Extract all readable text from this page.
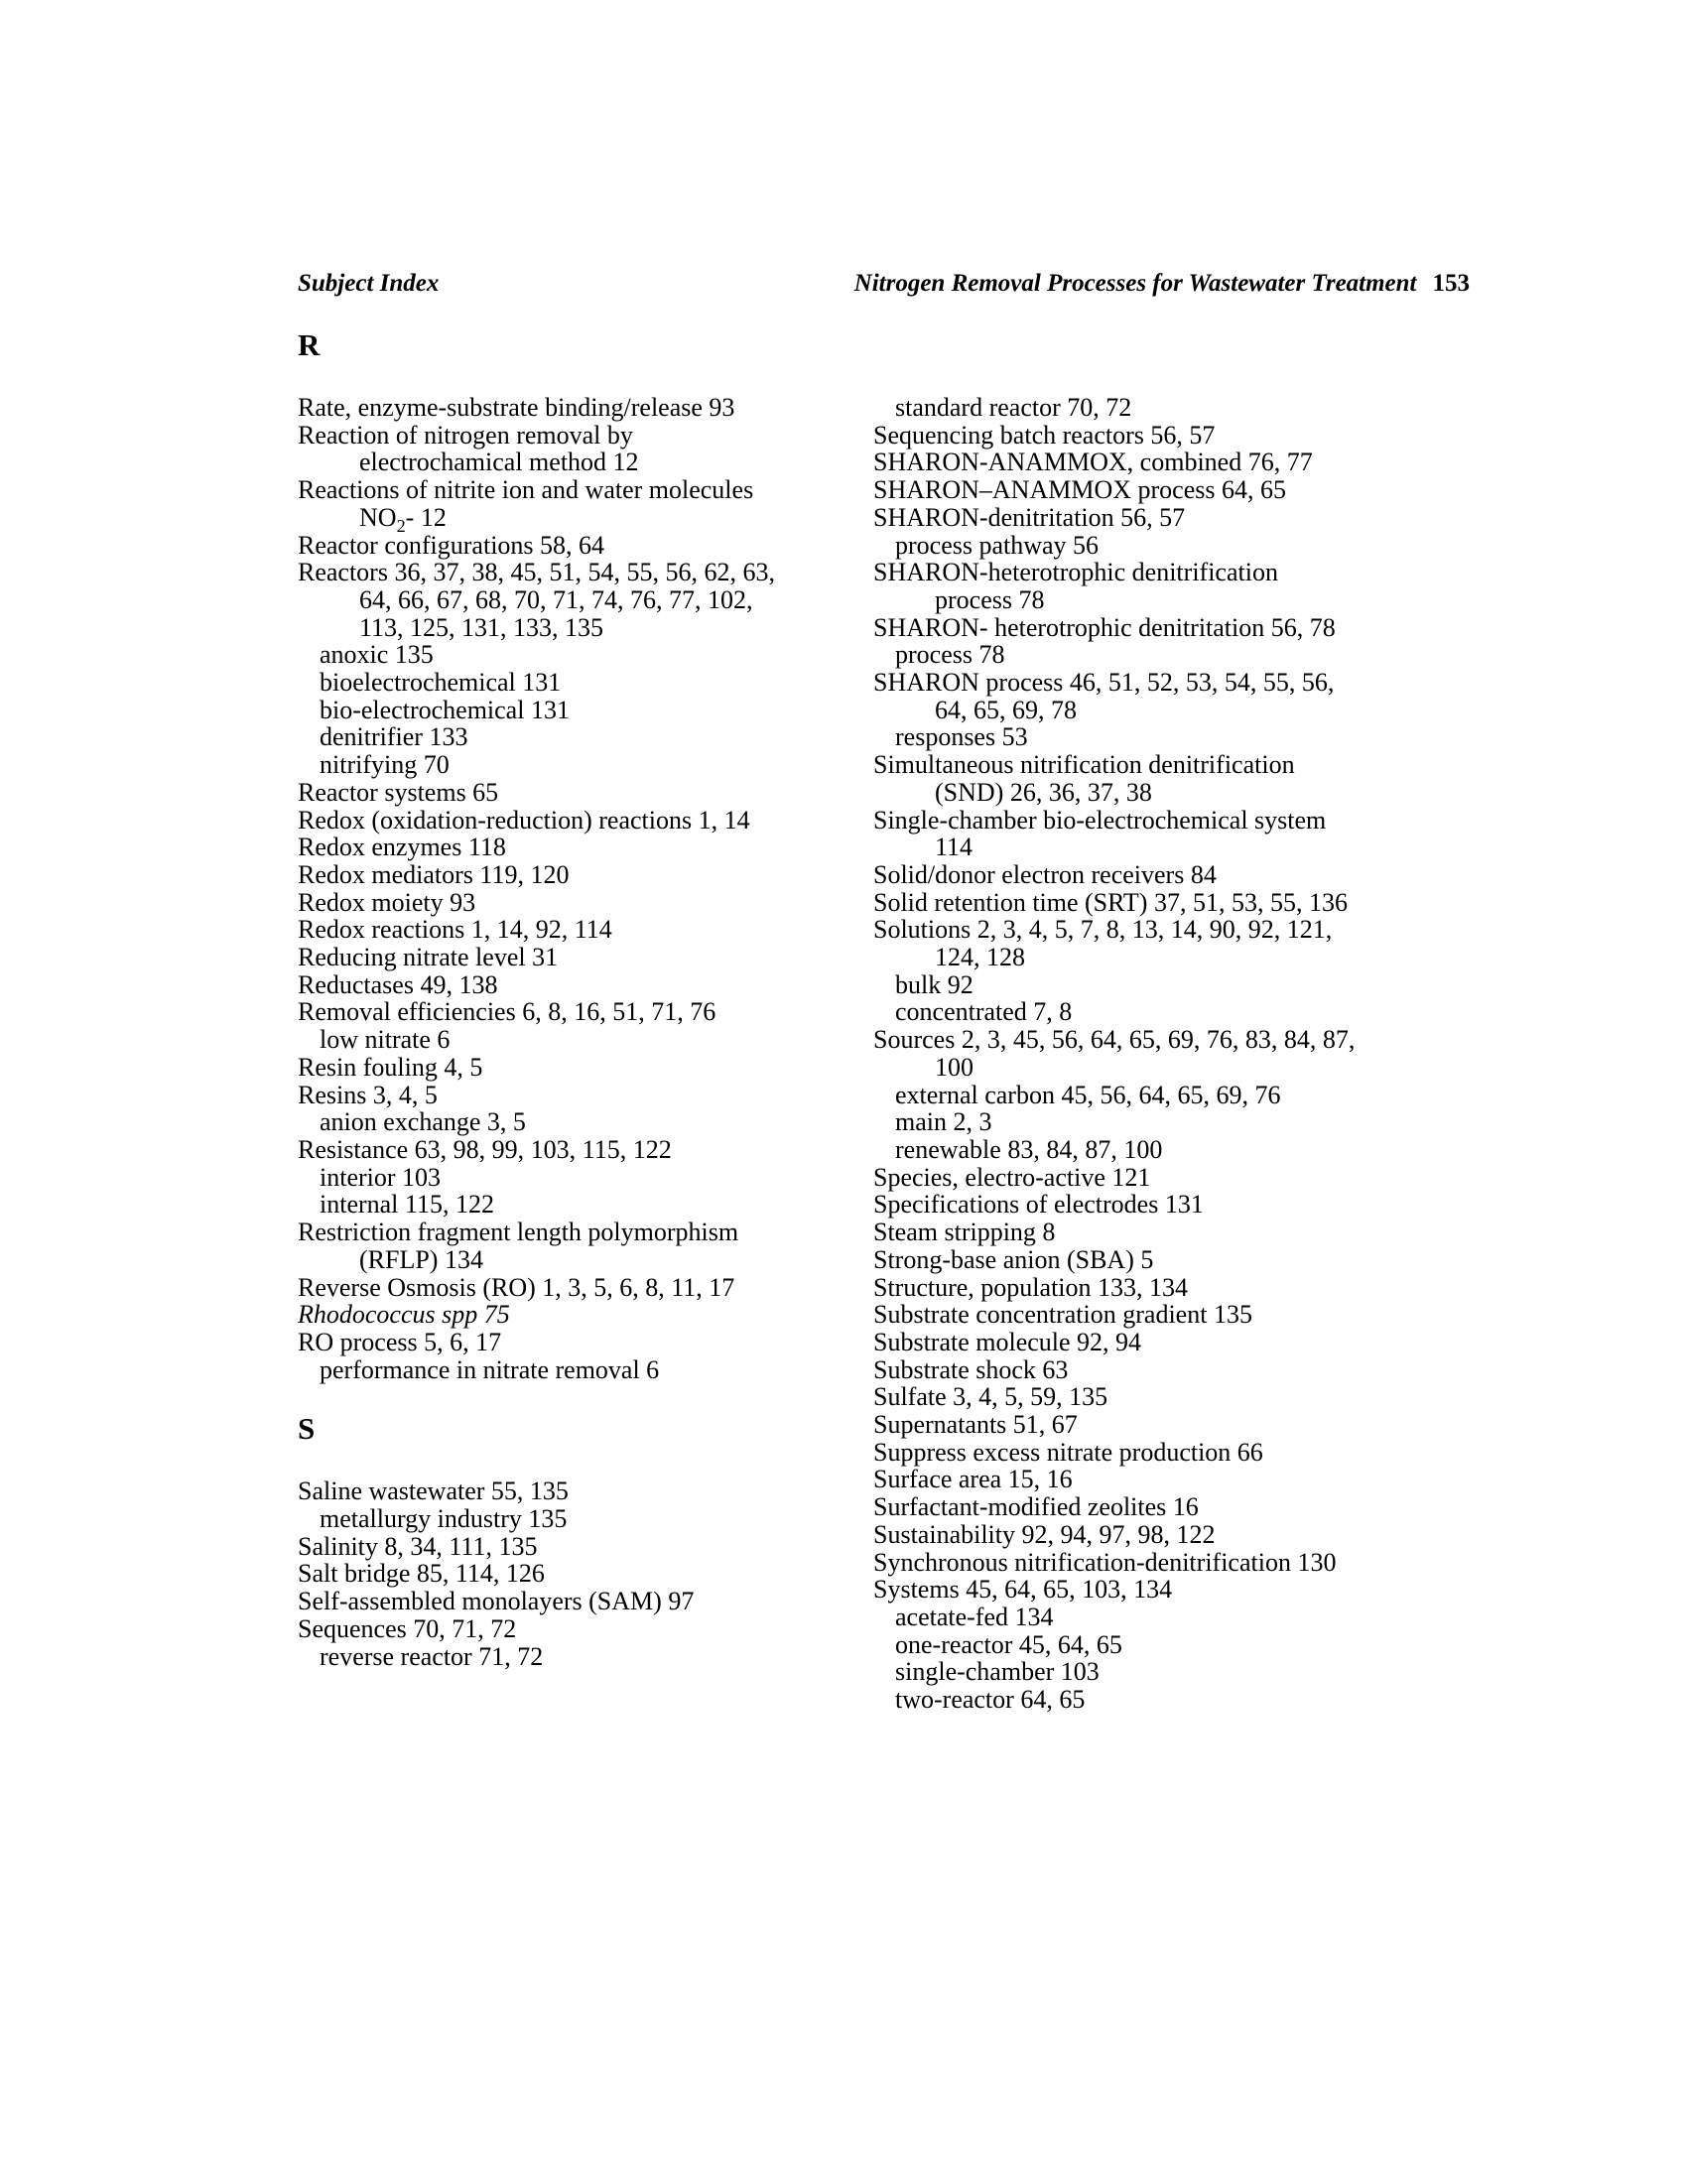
Subject Index	Nitrogen Removal Processes for Wastewater Treatment 153
R
Rate, enzyme-substrate binding/release 93
Reaction of nitrogen removal by
electrochamical method 12
Reactions of nitrite ion and water molecules
$NO_2-$ 12
Reactor configurations 58, 64
Reactors 36, 37, 38, 45, 51, 54, 55, 56, 62, 63,
64, 66, 67, 68, 70, 71, 74, 76, 77, 102,
113, 125, 131, 133, 135
anoxic 135
bioelectrochemical 131
bio-electrochemical 131
denitrifier 133
nitrifying 70
Reactor systems 65
Redox (oxidation-reduction) reactions 1, 14
Redox enzymes 118
Redox mediators 119, 120
Redox moiety 93
Redox reactions 1, 14, 92, 114
Reducing nitrate level 31
Reductases 49, 138
Removal efficiencies 6, 8, 16, 51, 71, 76
low nitrate 6
Resin fouling 4, 5
Resins 3, 4, 5
anion exchange 3, 5
Resistance 63, 98, 99, 103, 115, 122
interior 103
internal 115, 122
Restriction fragment length polymorphism
(RFLP) 134
Reverse Osmosis (RO) 1, 3, 5, 6, 8, 11, 17
Rhodococcus spp 75
RO process 5, 6, 17
performance in nitrate removal 6
S
Saline wastewater 55, 135
metallurgy industry 135
Salinity 8, 34, 111, 135
Salt bridge 85, 114, 126
Self-assembled monolayers (SAM) 97
Sequences 70, 71, 72
reverse reactor 71, 72
standard reactor 70, 72
Sequencing batch reactors 56, 57
SHARON-ANAMMOX, combined 76, 77
SHARON–ANAMMOX process 64, 65
SHARON-denitritation 56, 57
process pathway 56
SHARON-heterotrophic denitrification
process 78
SHARON- heterotrophic denitritation 56, 78
process 78
SHARON process 46, 51, 52, 53, 54, 55, 56,
64, 65, 69, 78
responses 53
Simultaneous nitrification denitrification
(SND) 26, 36, 37, 38
Single-chamber bio-electrochemical system
114
Solid/donor electron receivers 84
Solid retention time (SRT) 37, 51, 53, 55, 136
Solutions 2, 3, 4, 5, 7, 8, 13, 14, 90, 92, 121,
124, 128
bulk 92
concentrated 7, 8
Sources 2, 3, 45, 56, 64, 65, 69, 76, 83, 84, 87,
100
external carbon 45, 56, 64, 65, 69, 76
main 2, 3
renewable 83, 84, 87, 100
Species, electro-active 121
Specifications of electrodes 131
Steam stripping 8
Strong-base anion (SBA) 5
Structure, population 133, 134
Substrate concentration gradient 135
Substrate molecule 92, 94
Substrate shock 63
Sulfate 3, 4, 5, 59, 135
Supernatants 51, 67
Suppress excess nitrate production 66
Surface area 15, 16
Surfactant-modified zeolites 16
Sustainability 92, 94, 97, 98, 122
Synchronous nitrification-denitrification 130
Systems 45, 64, 65, 103, 134
acetate-fed 134
one-reactor 45, 64, 65
single-chamber 103
two-reactor 64, 65
